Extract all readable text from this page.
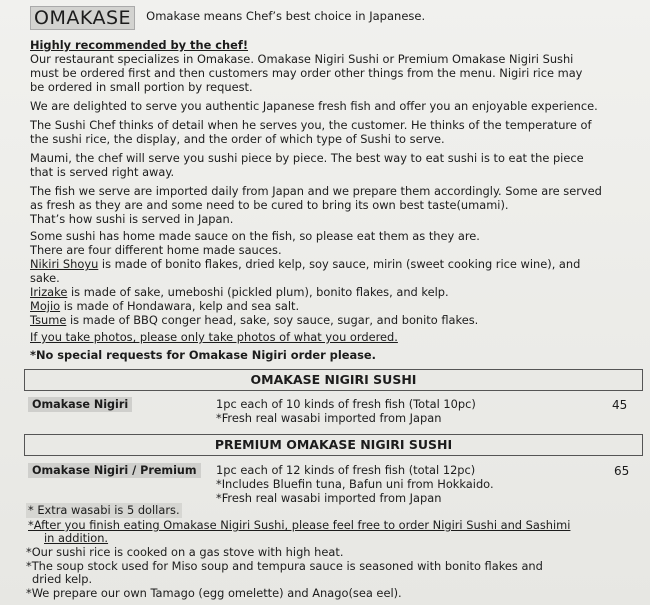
OMAKASE $^{Omakase means Chef’s best choice in Japanese.}$
Highly recommended by the chef!
Our restaurant specializes in Omakase. Omakase Nigiri Sushi or Premium Omakase Nigiri Sushi
must be ordered first and then customers may order other things from the menu. Nigiri rice may
be ordered in small portion by request.
We are delighted to serve you authentic Japanese fresh fish and offer you an enjoyable experience.
The Sushi Chef thinks of detail when he serves you, the customer. He thinks of the temperature of
the sushi rice, the display, and the order of which type of Sushi to serve.
Maumi, the chef will serve you sushi piece by piece. The best way to eat sushi is to eat the piece
that is served right away.
The fish we serve are imported daily from Japan and we prepare them accordingly. Some are served
as fresh as they are and some need to be cured to bring its own best taste(umami).
That’s how sushi is served in Japan.
Some sushi has home made sauce on the fish, so please eat them as they are.
There are four different home made sauces.
Nikiri Shoyu is made of bonito flakes, dried kelp, soy sauce, mirin (sweet cooking rice wine), and
sake.
Irizake is made of sake, umeboshi (pickled plum), bonito flakes, and kelp.
Mojio is made of Hondawara, kelp and sea salt.
Tsume is made of BBQ conger head, sake, soy sauce, sugar, and bonito flakes.
If you take photos, please only take photos of what you ordered.
*No special requests for Omakase Nigiri order please.
OMAKASE NIGIRI SUSHI
Omakase Nigiri	1pc each of 10 kinds of fresh fish (Total 10pc)
*Fresh real wasabi imported from Japan
45
PREMIUM OMAKASE NIGIRI SUSHI
Omakase Nigiri / Premium	1pc each of 12 kinds of fresh fish (total 12pc)
*Includes Bluefin tuna, Bafun uni from Hokkaido.
*Fresh real wasabi imported from Japan
65
* Extra wasabi is 5 dollars.
*After you finish eating Omakase Nigiri Sushi, please feel free to order Nigiri Sushi and Sashimi
in addition.
*Our sushi rice is cooked on a gas stove with high heat.
*The soup stock used for Miso soup and tempura sauce is seasoned with bonito flakes and
dried kelp.
*We prepare our own Tamago (egg omelette) and Anago(sea eel).
